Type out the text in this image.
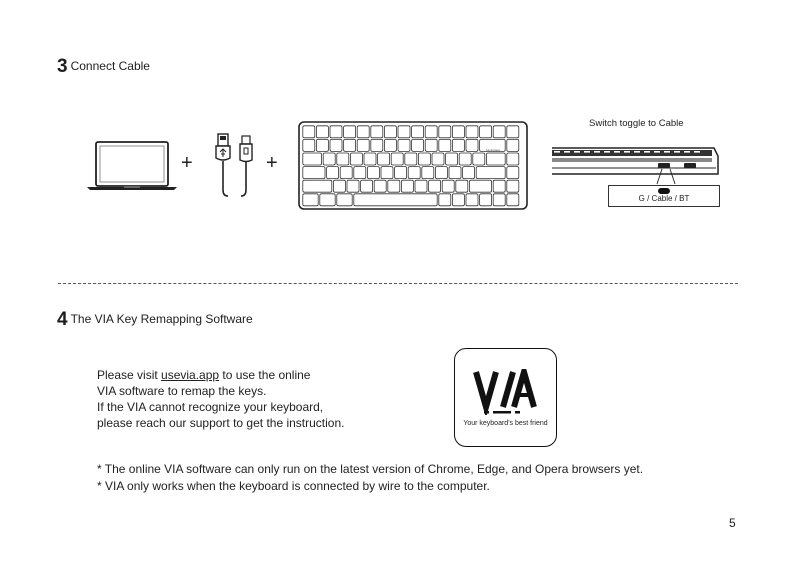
3 Connect Cable
+	+
backspace
Switch toggle to Cable
G / Cable / BT
4 The VIA Key Remapping Software
Please visit usevia.app to use the online
VIA software to remap the keys.
If the VIA cannot recognize your keyboard,
please reach our support to get the instruction.	Your keyboard's best friend
* The online VIA software can only run on the latest version of Chrome, Edge, and Opera browsers yet.
* VIA only works when the keyboard is connected by wire to the computer.
5
